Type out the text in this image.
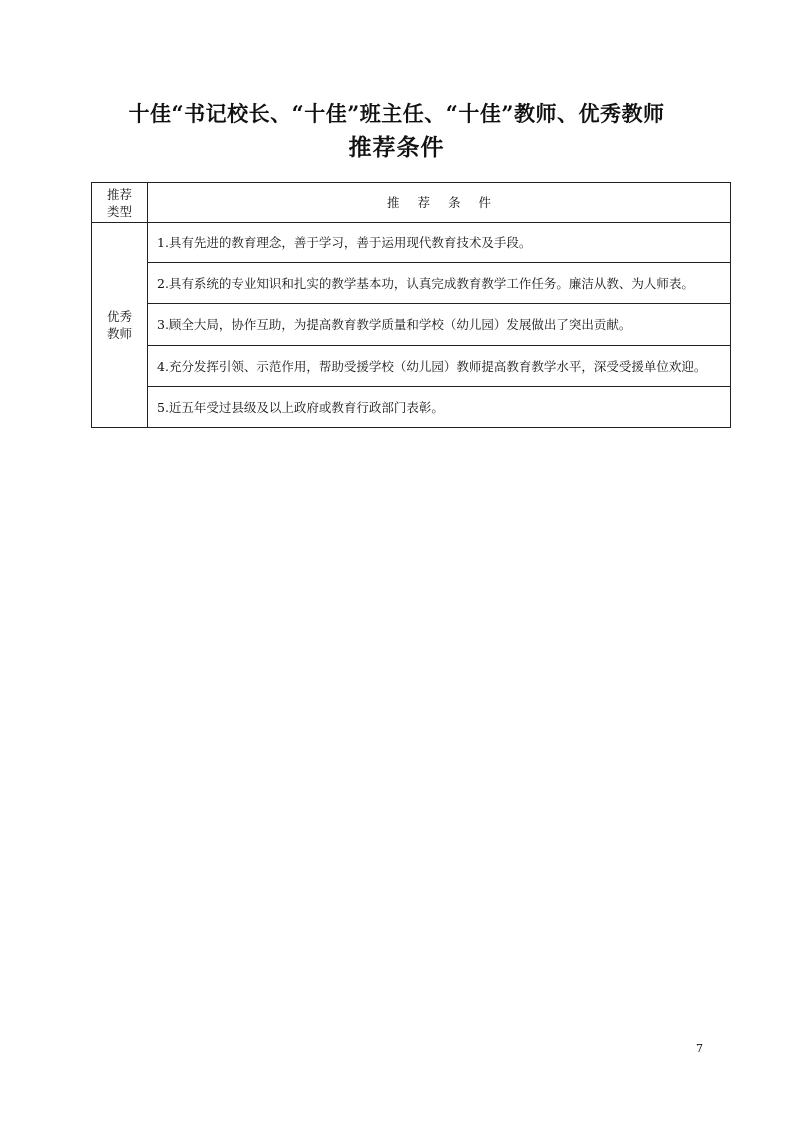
十佳“书记校长、“十佳”班主任、“十佳”教师、优秀教师
推荐条件
推荐
类型	推荐条件
优秀
教师	1.具有先进的教育理念，善于学习，善于运用现代教育技术及手段。
	2.具有系统的专业知识和扎实的教学基本功，认真完成教育教学工作任务。廉洁从教、为人师表。
	3.顾全大局，协作互助，为提高教育教学质量和学校（幼儿园）发展做出了突出贡献。
	4.充分发挥引领、示范作用，帮助受援学校（幼儿园）教师提高教育教学水平，深受受援单位欢迎。
	5.近五年受过县级及以上政府或教育行政部门表彰。
7
